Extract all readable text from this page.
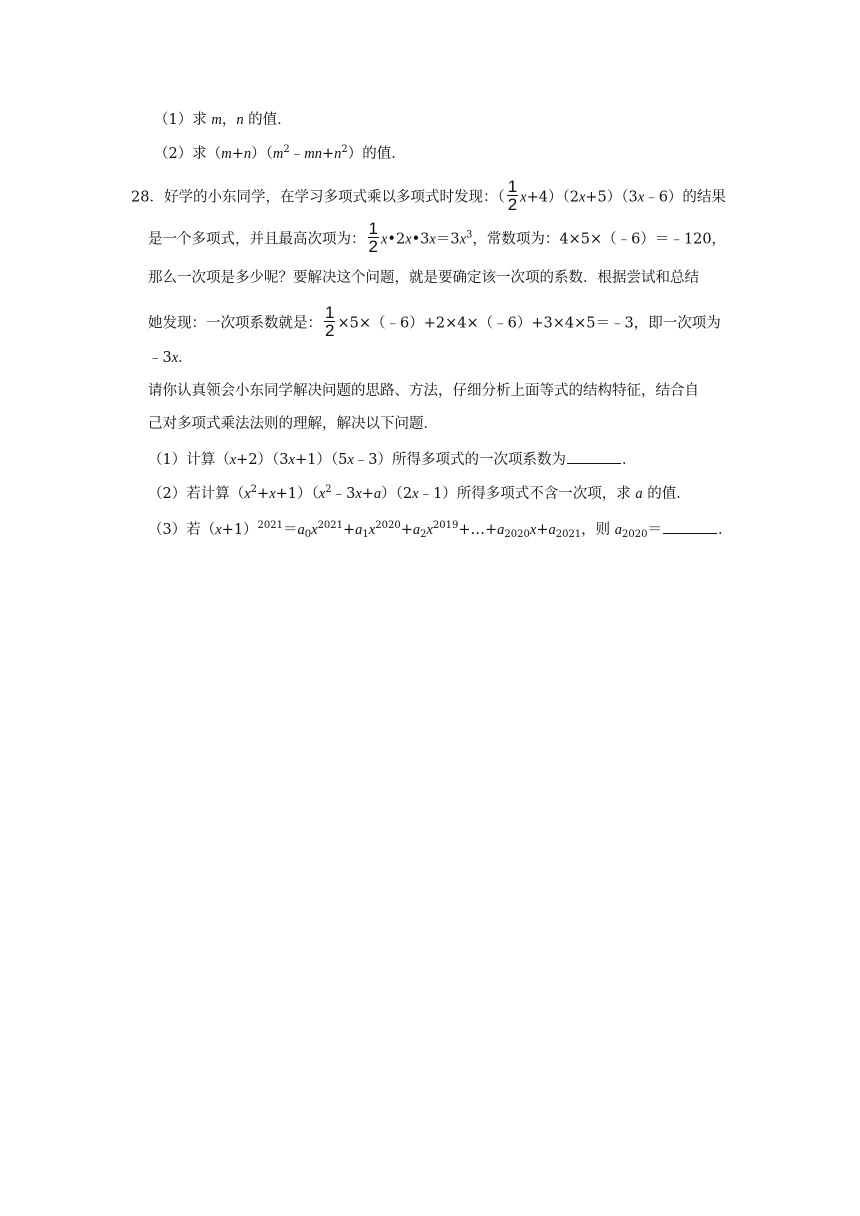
（1）求 m，n 的值．
（2）求$(m+n)(m^2﹣mn+n^2)$的值．
28．好学的小东同学，在学习多项式乘以多项式时发现：（ $\frac{1}{2}$ x+4）（2x+5）（3x﹣6）的结果
是一个多项式，并且最高次项为： $\frac{1}{2}$ $x•2x•3x=3x^3$，常数项为：4×5×（﹣6）＝﹣120，
那么一次项是多少呢？要解决这个问题，就是要确定该一次项的系数．根据尝试和总结
她发现：一次项系数就是： $\frac{1}{2}$ ×5×（﹣6）+2×4×（﹣6）+3×4×5＝﹣3，即一次项为
﹣3x．
请你认真领会小东同学解决问题的思路、方法，仔细分析上面等式的结构特征，结合自
己对多项式乘法法则的理解，解决以下问题．
（1）计算（x+2）（3x+1）（5x﹣3）所得多项式的一次项系数为	．
（2）若计算$(x^2+x+1)(x^2﹣3x+a)(2x﹣1)$所得多项式不含一次项，求 a 的值．
（3）若$(x+1)^{2021}=a_0x^{2021}+a_1x^{2020}+a_2x^{2019}+\dots+a_{2020}x+a_{2021}$，则 $a_{2020}=$	．
